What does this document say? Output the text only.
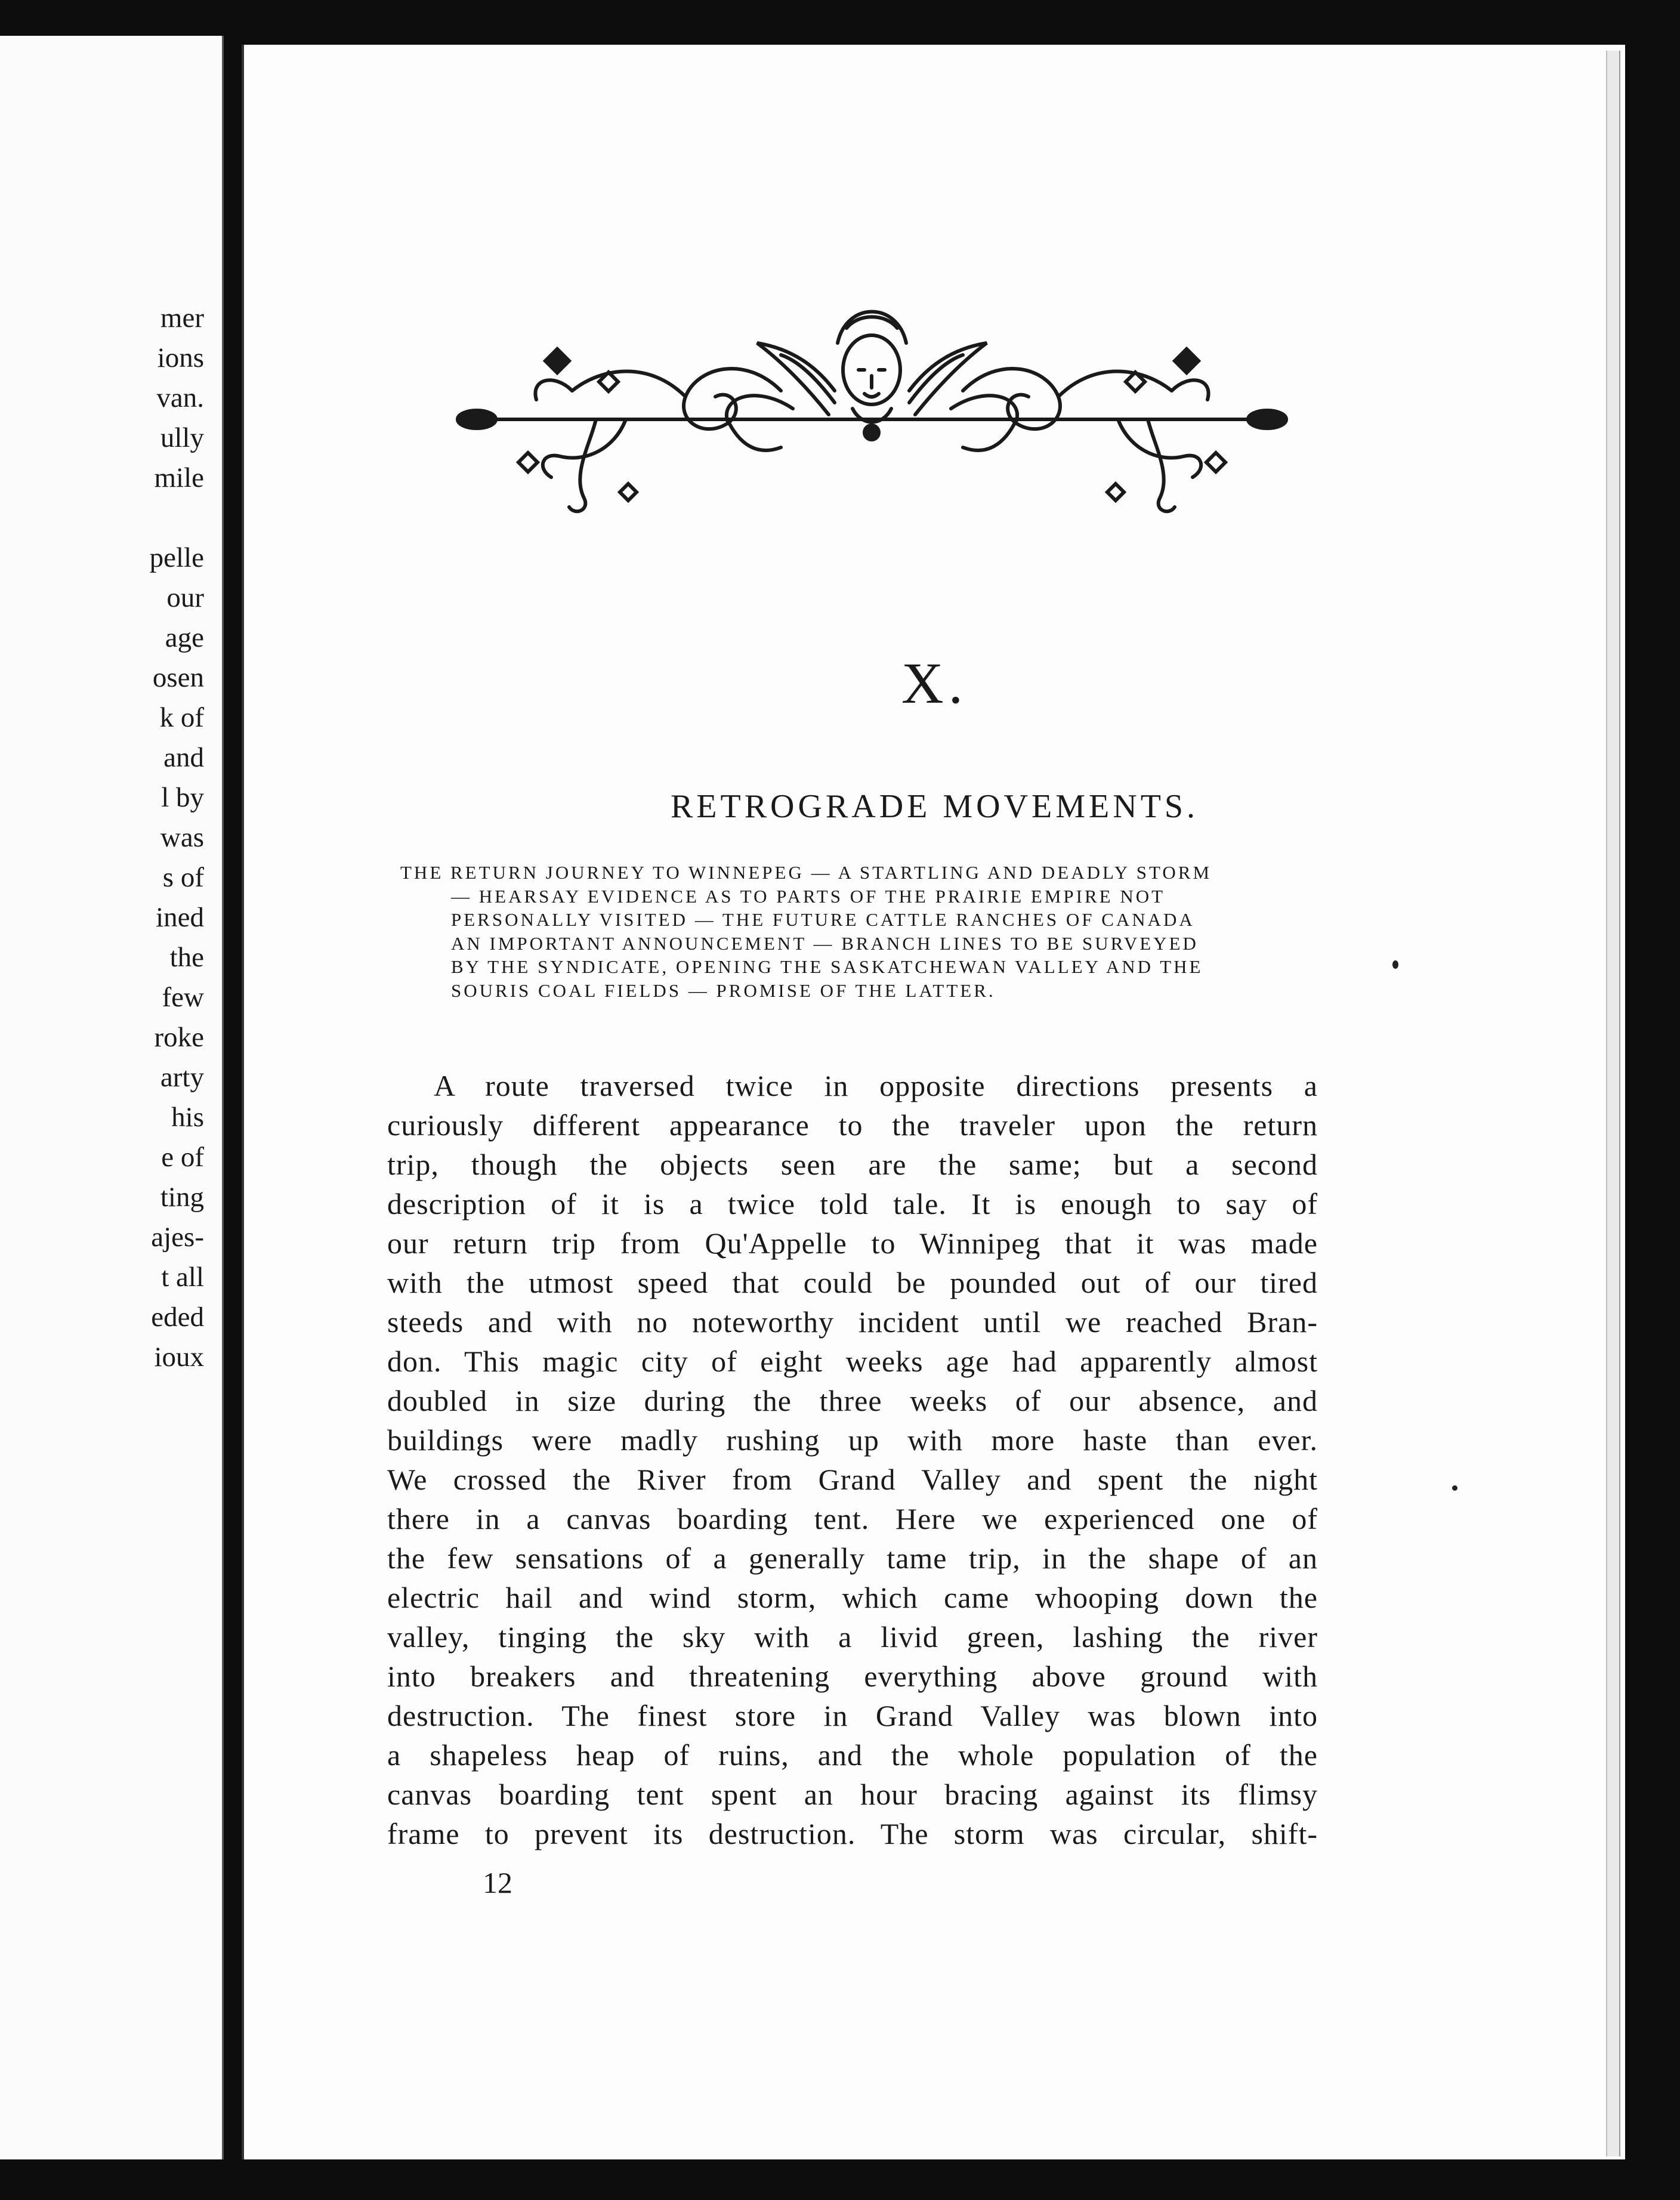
mer
ions
van.
ully
mile
pelle
our
age
osen
k of
and
l by
was
s of
ined
the
few
roke
arty
his
e of
ting
ajes-
t all
eded
ioux
X.
RETROGRADE MOVEMENTS.
THE RETURN JOURNEY TO WINNEPEG — A STARTLING AND DEADLY STORM
— HEARSAY EVIDENCE AS TO PARTS OF THE PRAIRIE EMPIRE NOT
PERSONALLY VISITED — THE FUTURE CATTLE RANCHES OF CANADA
AN IMPORTANT ANNOUNCEMENT — BRANCH LINES TO BE SURVEYED
BY THE SYNDICATE, OPENING THE SASKATCHEWAN VALLEY AND THE
SOURIS COAL FIELDS — PROMISE OF THE LATTER.
A route traversed twice in opposite directions presents a
curiously different appearance to the traveler upon the return
trip, though the objects seen are the same; but a second
description of it is a twice told tale. It is enough to say of
our return trip from Qu'Appelle to Winnipeg that it was made
with the utmost speed that could be pounded out of our tired
steeds and with no noteworthy incident until we reached Bran-
don. This magic city of eight weeks age had apparently almost
doubled in size during the three weeks of our absence, and
buildings were madly rushing up with more haste than ever.
We crossed the River from Grand Valley and spent the night
there in a canvas boarding tent. Here we experienced one of
the few sensations of a generally tame trip, in the shape of an
electric hail and wind storm, which came whooping down the
valley, tinging the sky with a livid green, lashing the river
into breakers and threatening everything above ground with
destruction. The finest store in Grand Valley was blown into
a shapeless heap of ruins, and the whole population of the
canvas boarding tent spent an hour bracing against its flimsy
frame to prevent its destruction. The storm was circular, shift-
12
